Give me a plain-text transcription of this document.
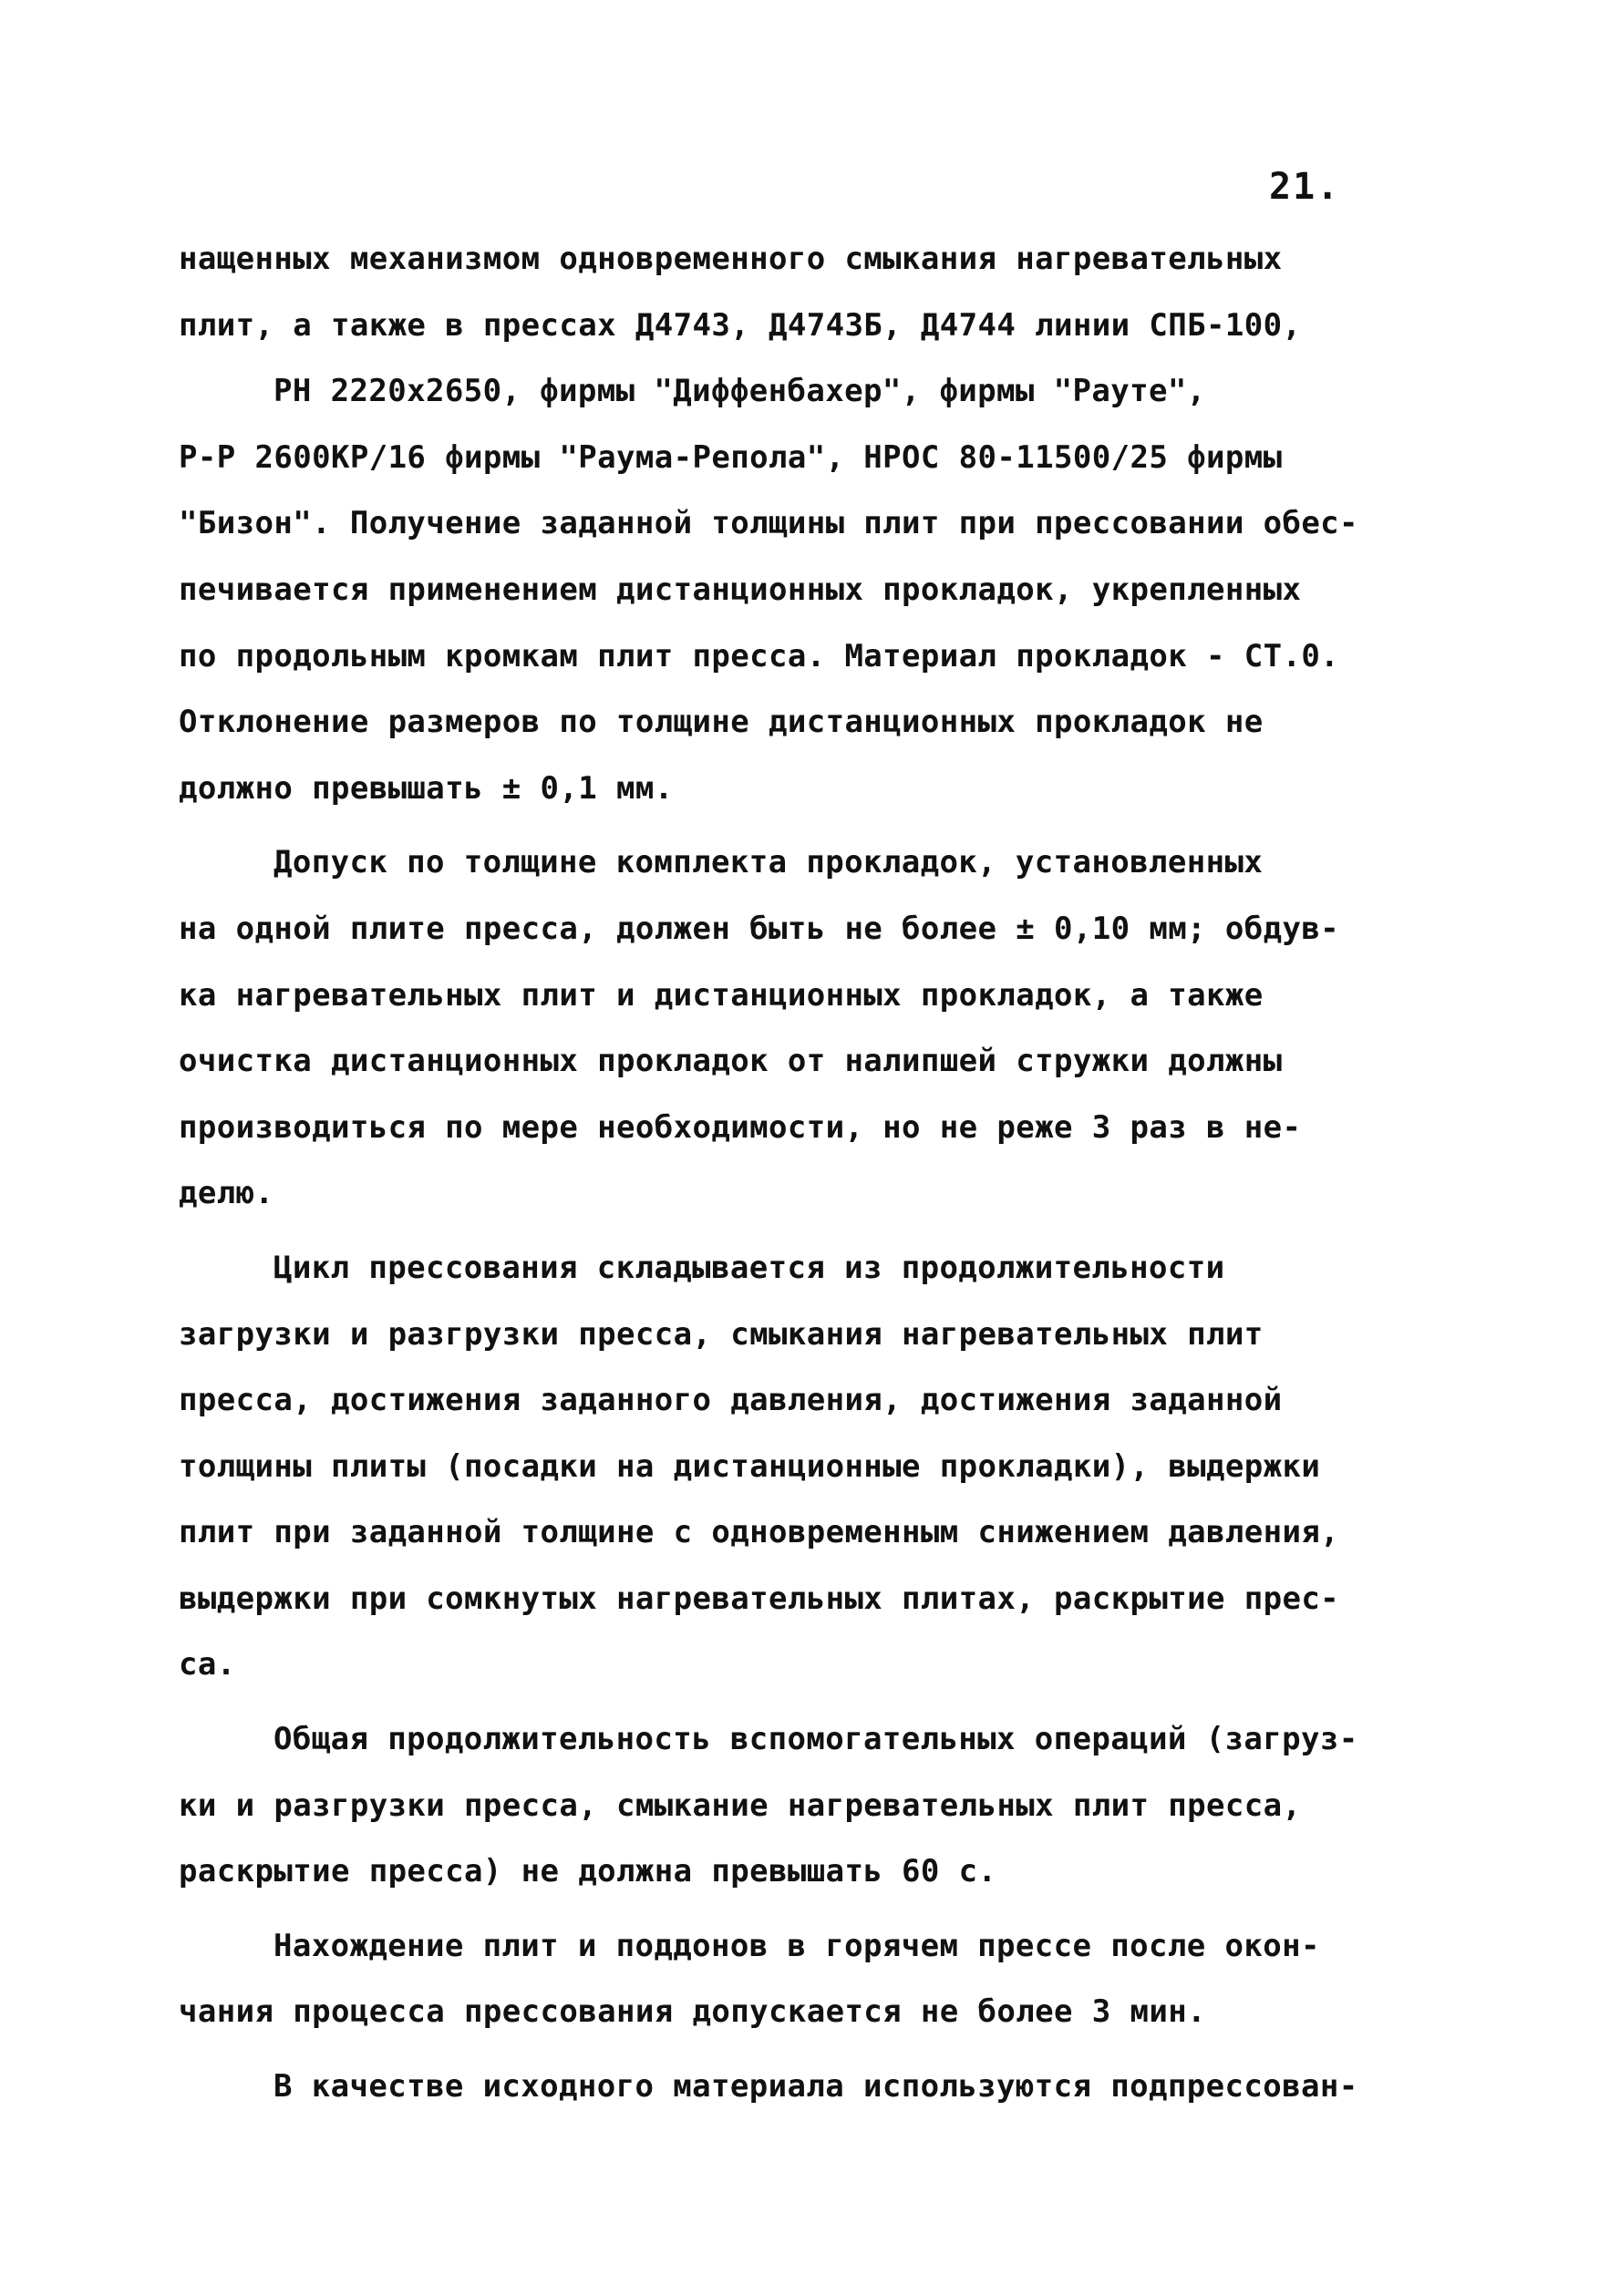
21.
нащенных механизмом одновременного смыкания нагревательных
плит, а также в прессах Д4743, Д4743Б, Д4744 линии СПБ-100,
РН 2220х2650, фирмы "Диффенбахер", фирмы "Рауте",
Р-Р 2600КР/16 фирмы "Раума-Репола", НРОС 80-11500/25 фирмы
"Бизон". Получение заданной толщины плит при прессовании обес-
печивается применением дистанционных прокладок, укрепленных
по продольным кромкам плит пресса. Материал прокладок - СТ.0.
Отклонение размеров по толщине дистанционных прокладок не
должно превышать ± 0,1 мм.
Допуск по толщине комплекта прокладок, установленных
на одной плите пресса, должен быть не более ± 0,10 мм; обдув-
ка нагревательных плит и дистанционных прокладок, а также
очистка дистанционных прокладок от налипшей стружки должны
производиться по мере необходимости, но не реже 3 раз в не-
делю.
Цикл прессования складывается из продолжительности
загрузки и разгрузки пресса, смыкания нагревательных плит
пресса, достижения заданного давления, достижения заданной
толщины плиты (посадки на дистанционные прокладки), выдержки
плит при заданной толщине с одновременным снижением давления,
выдержки при сомкнутых нагревательных плитах, раскрытие прес-
са.
Общая продолжительность вспомогательных операций (загруз-
ки и разгрузки пресса, смыкание нагревательных плит пресса,
раскрытие пресса) не должна превышать 60 с.
Нахождение плит и поддонов в горячем прессе после окон-
чания процесса прессования допускается не более 3 мин.
В качестве исходного материала используются подпрессован-
